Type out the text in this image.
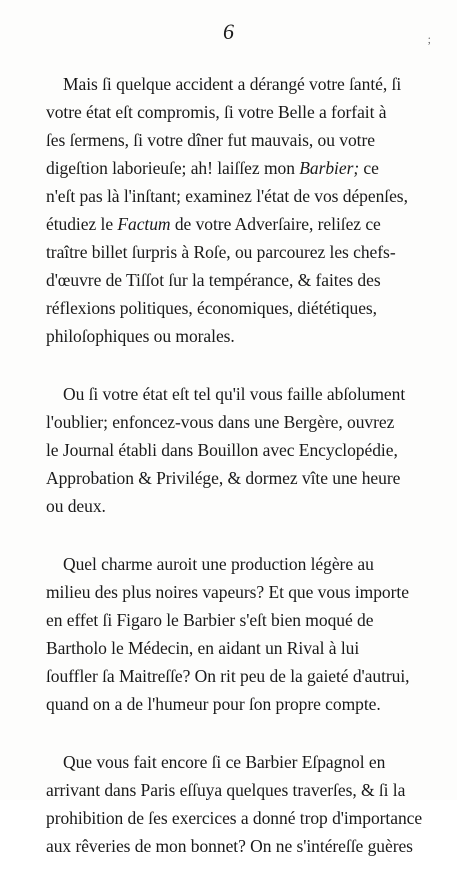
6	;
Mais ſi quelque accident a dérangé votre ſanté, ſi
votre état eſt compromis, ſi votre Belle a forfait à
ſes ſermens, ſi votre dîner fut mauvais, ou votre
digeſtion laborieuſe; ah! laiſſez mon Barbier; ce
n'eſt pas là l'inſtant; examinez l'état de vos dépenſes,
étudiez le Factum de votre Adverſaire, reliſez ce
traître billet ſurpris à Roſe, ou parcourez les chefs-
d'œuvre de Tiſſot ſur la tempérance, & faites des
réflexions politiques, économiques, diététiques,
philoſophiques ou morales.
Ou ſi votre état eſt tel qu'il vous faille abſolument
l'oublier; enfoncez-vous dans une Bergère, ouvrez
le Journal établi dans Bouillon avec Encyclopédie,
Approbation & Privilége, & dormez vîte une heure
ou deux.
Quel charme auroit une production légère au
milieu des plus noires vapeurs? Et que vous importe
en effet ſi Figaro le Barbier s'eſt bien moqué de
Bartholo le Médecin, en aidant un Rival à lui
ſouffler ſa Maitreſſe? On rit peu de la gaieté d'autrui,
quand on a de l'humeur pour ſon propre compte.
Que vous fait encore ſi ce Barbier Eſpagnol en
arrivant dans Paris eſſuya quelques traverſes, & ſi la
prohibition de ſes exercices a donné trop d'importance
aux rêveries de mon bonnet? On ne s'intéreſſe guères
